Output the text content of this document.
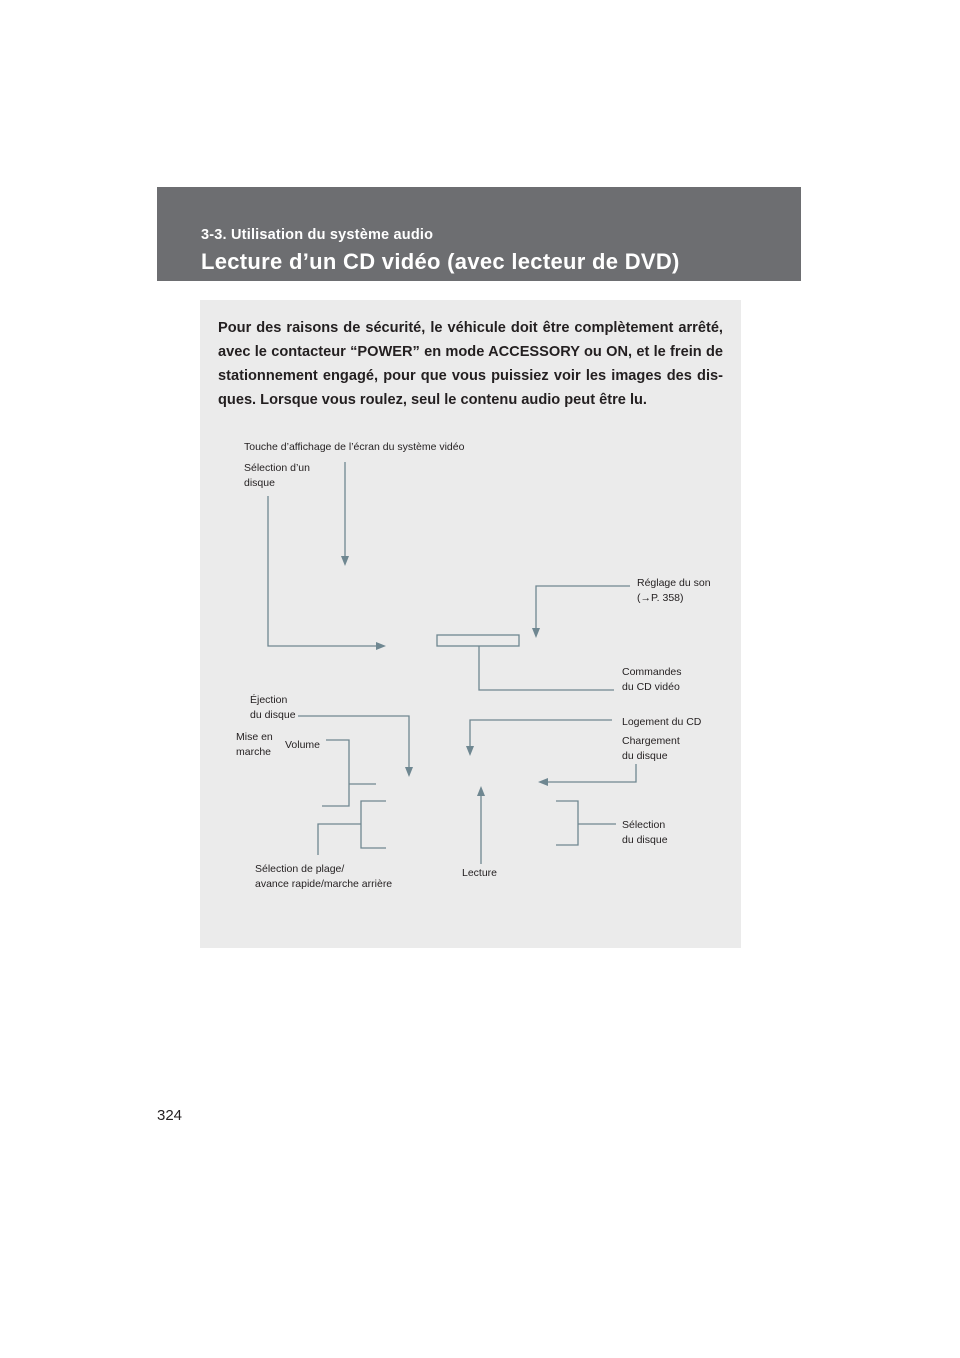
3-3. Utilisation du système audio
Lecture d’un CD vidéo (avec lecteur de DVD)
Pour des raisons de sécurité, le véhicule doit être complètement arrêté, avec le contacteur “POWER” en mode ACCESSORY ou ON, et le frein de stationnement engagé, pour que vous puissiez voir les images des dis-ques. Lorsque vous roulez, seul le contenu audio peut être lu.
Touche d’affichage de l’écran du système vidéo
Sélection d’un
disque
Réglage du son
(→P. 358)
Commandes
du CD vidéo
Éjection
du disque
Mise en
marche
Volume
Logement du CD
Chargement
du disque
Sélection
du disque
Sélection de plage/
avance rapide/marche arrière
Lecture
324
